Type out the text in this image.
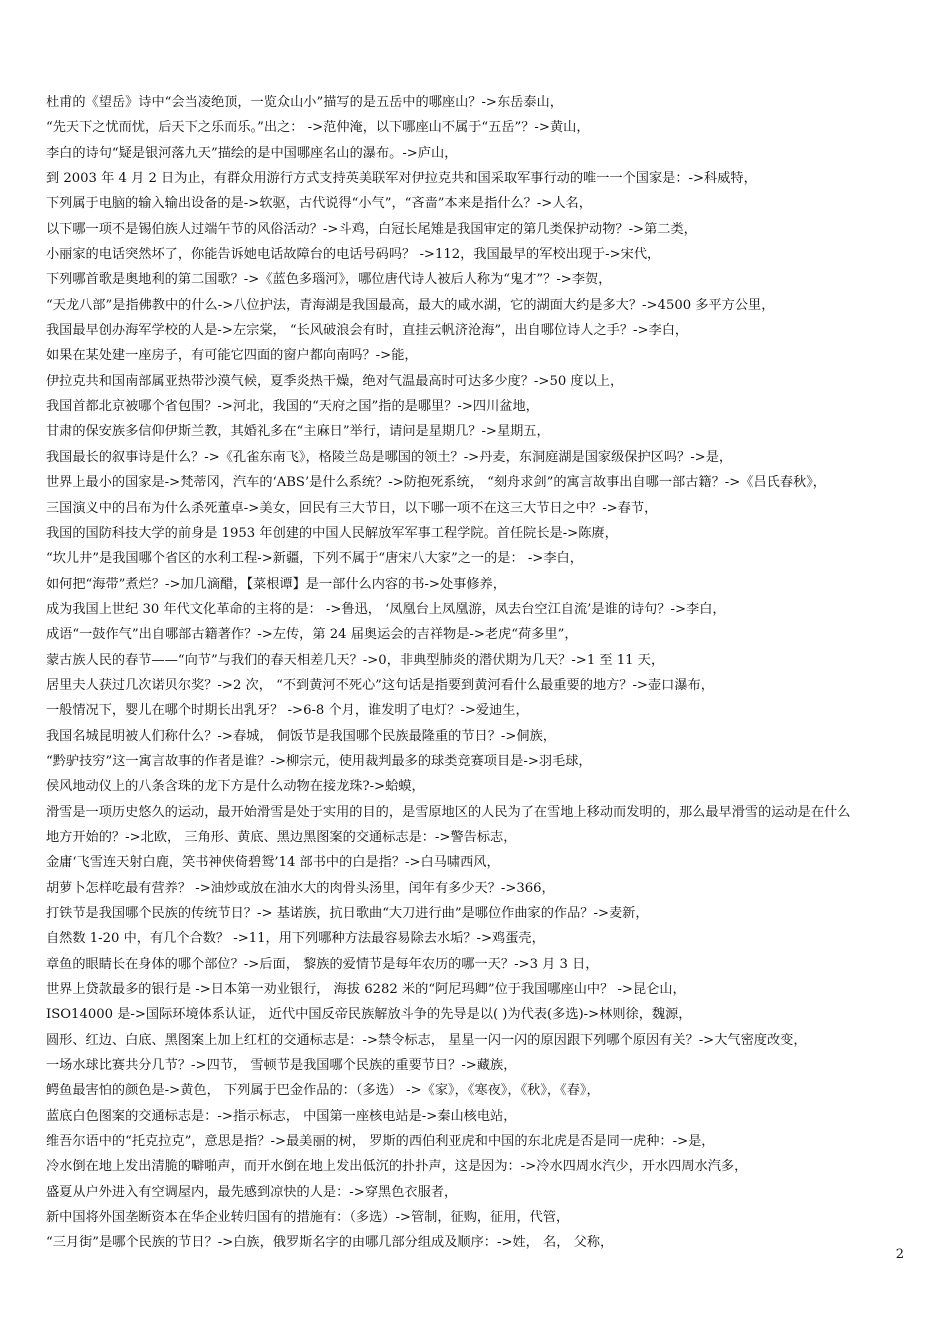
杜甫的《望岳》诗中“会当凌绝顶，一览众山小”描写的是五岳中的哪座山？->东岳泰山，
“先天下之忧而忧，后天下之乐而乐。”出之： ->范仲淹，以下哪座山不属于“五岳”？->黄山，
李白的诗句“疑是银河落九天”描绘的是中国哪座名山的瀑布。->庐山，
到 2003 年 4 月 2 日为止，有群众用游行方式支持英美联军对伊拉克共和国采取军事行动的唯一一个国家是：->科威特，
下列属于电脑的输入输出设备的是->软驱，古代说得“小气”，“吝啬”本来是指什么？->人名，
以下哪一项不是锡伯族人过端午节的风俗活动？->斗鸡，白冠长尾雉是我国审定的第几类保护动物？->第二类，
小丽家的电话突然坏了，你能告诉她电话故障台的电话号码吗？ ->112，我国最早的军校出现于->宋代，
下列哪首歌是奥地利的第二国歌？->《蓝色多瑙河》，哪位唐代诗人被后人称为“鬼才”？->李贺，
“天龙八部”是指佛教中的什么->八位护法，青海湖是我国最高，最大的咸水湖，它的湖面大约是多大？->4500 多平方公里，
我国最早创办海军学校的人是->左宗棠， “长风破浪会有时，直挂云帆济沧海”，出自哪位诗人之手？->李白，
如果在某处建一座房子，有可能它四面的窗户都向南吗？->能，
伊拉克共和国南部属亚热带沙漠气候，夏季炎热干燥，绝对气温最高时可达多少度？->50 度以上，
我国首都北京被哪个省包围？->河北，我国的“天府之国”指的是哪里？->四川盆地，
甘肃的保安族多信仰伊斯兰教，其婚礼多在“主麻日”举行，请问是星期几？->星期五，
我国最长的叙事诗是什么？->《孔雀东南飞》，格陵兰岛是哪国的领土？->丹麦，东洞庭湖是国家级保护区吗？->是，
世界上最小的国家是->梵蒂冈，汽车的‘ABS’是什么系统？->防抱死系统， “刻舟求剑”的寓言故事出自哪一部古籍？->《吕氏春秋》，
三国演义中的吕布为什么杀死董卓->美女，回民有三大节日，以下哪一项不在这三大节日之中？->春节，
我国的国防科技大学的前身是 1953 年创建的中国人民解放军军事工程学院。首任院长是->陈赓，
“坎儿井”是我国哪个省区的水利工程->新疆，下列不属于“唐宋八大家”之一的是： ->李白，
如何把“海带”煮烂？->加几滴醋，【菜根谭】是一部什么内容的书->处事修养，
成为我国上世纪 30 年代文化革命的主将的是： ->鲁迅， ‘凤凰台上凤凰游，凤去台空江自流’是谁的诗句？->李白，
成语“一鼓作气”出自哪部古籍著作？->左传，第 24 届奥运会的吉祥物是->老虎“荷多里”，
蒙古族人民的春节——“向节”与我们的春天相差几天？->0，非典型肺炎的潜伏期为几天？->1 至 11 天，
居里夫人获过几次诺贝尔奖？->2 次， “不到黄河不死心”这句话是指要到黄河看什么最重要的地方？->壶口瀑布，
一般情况下，婴儿在哪个时期长出乳牙？ ->6-8 个月，谁发明了电灯？->爱迪生，
我国名城昆明被人们称什么？->春城， 侗饭节是我国哪个民族最隆重的节日？->侗族，
“黔驴技穷”这一寓言故事的作者是谁？->柳宗元，使用裁判最多的球类竞赛项目是->羽毛球，
侯风地动仪上的八条含珠的龙下方是什么动物在接龙珠?->蛤蟆，
滑雪是一项历史悠久的运动，最开始滑雪是处于实用的目的，是雪原地区的人民为了在雪地上移动而发明的，那么最早滑雪的运动是在什么
地方开始的？->北欧， 三角形、黄底、黑边黑图案的交通标志是：->警告标志，
金庸‘飞雪连天射白鹿，笑书神侠倚碧鸳’14 部书中的白是指？->白马啸西风，
胡萝卜怎样吃最有营养？ ->油炒或放在油水大的肉骨头汤里，闰年有多少天？->366，
打铁节是我国哪个民族的传统节日？-> 基诺族，抗日歌曲“大刀进行曲”是哪位作曲家的作品？->麦新，
自然数 1-20 中，有几个合数？ ->11，用下列哪种方法最容易除去水垢？->鸡蛋壳，
章鱼的眼睛长在身体的哪个部位？->后面， 黎族的爱情节是每年农历的哪一天？->3 月 3 日，
世界上贷款最多的银行是 ->日本第一劝业银行， 海拔 6282 米的“阿尼玛卿”位于我国哪座山中？ ->昆仑山，
ISO14000 是->国际环境体系认证， 近代中国反帝民族解放斗争的先导是以( )为代表(多选)->林则徐，魏源，
圆形、红边、白底、黑图案上加上红杠的交通标志是：->禁令标志， 星星一闪一闪的原因跟下列哪个原因有关？->大气密度改变，
一场水球比赛共分几节？->四节， 雪顿节是我国哪个民族的重要节日？->藏族，
鳄鱼最害怕的颜色是->黄色， 下列属于巴金作品的：（多选） ->《家》，《寒夜》，《秋》，《春》，
蓝底白色图案的交通标志是：->指示标志， 中国第一座核电站是->秦山核电站，
维吾尔语中的“托克拉克”，意思是指？->最美丽的树， 罗斯的西伯利亚虎和中国的东北虎是否是同一虎种：->是，
冷水倒在地上发出清脆的噼啪声，而开水倒在地上发出低沉的扑扑声，这是因为：->冷水四周水汽少，开水四周水汽多，
盛夏从户外进入有空调屋内，最先感到凉快的人是：->穿黑色衣服者，
新中国将外国垄断资本在华企业转归国有的措施有：（多选）->管制，征购，征用，代管，
“三月街”是哪个民族的节日？->白族，俄罗斯名字的由哪几部分组成及顺序：->姓， 名， 父称，
2
